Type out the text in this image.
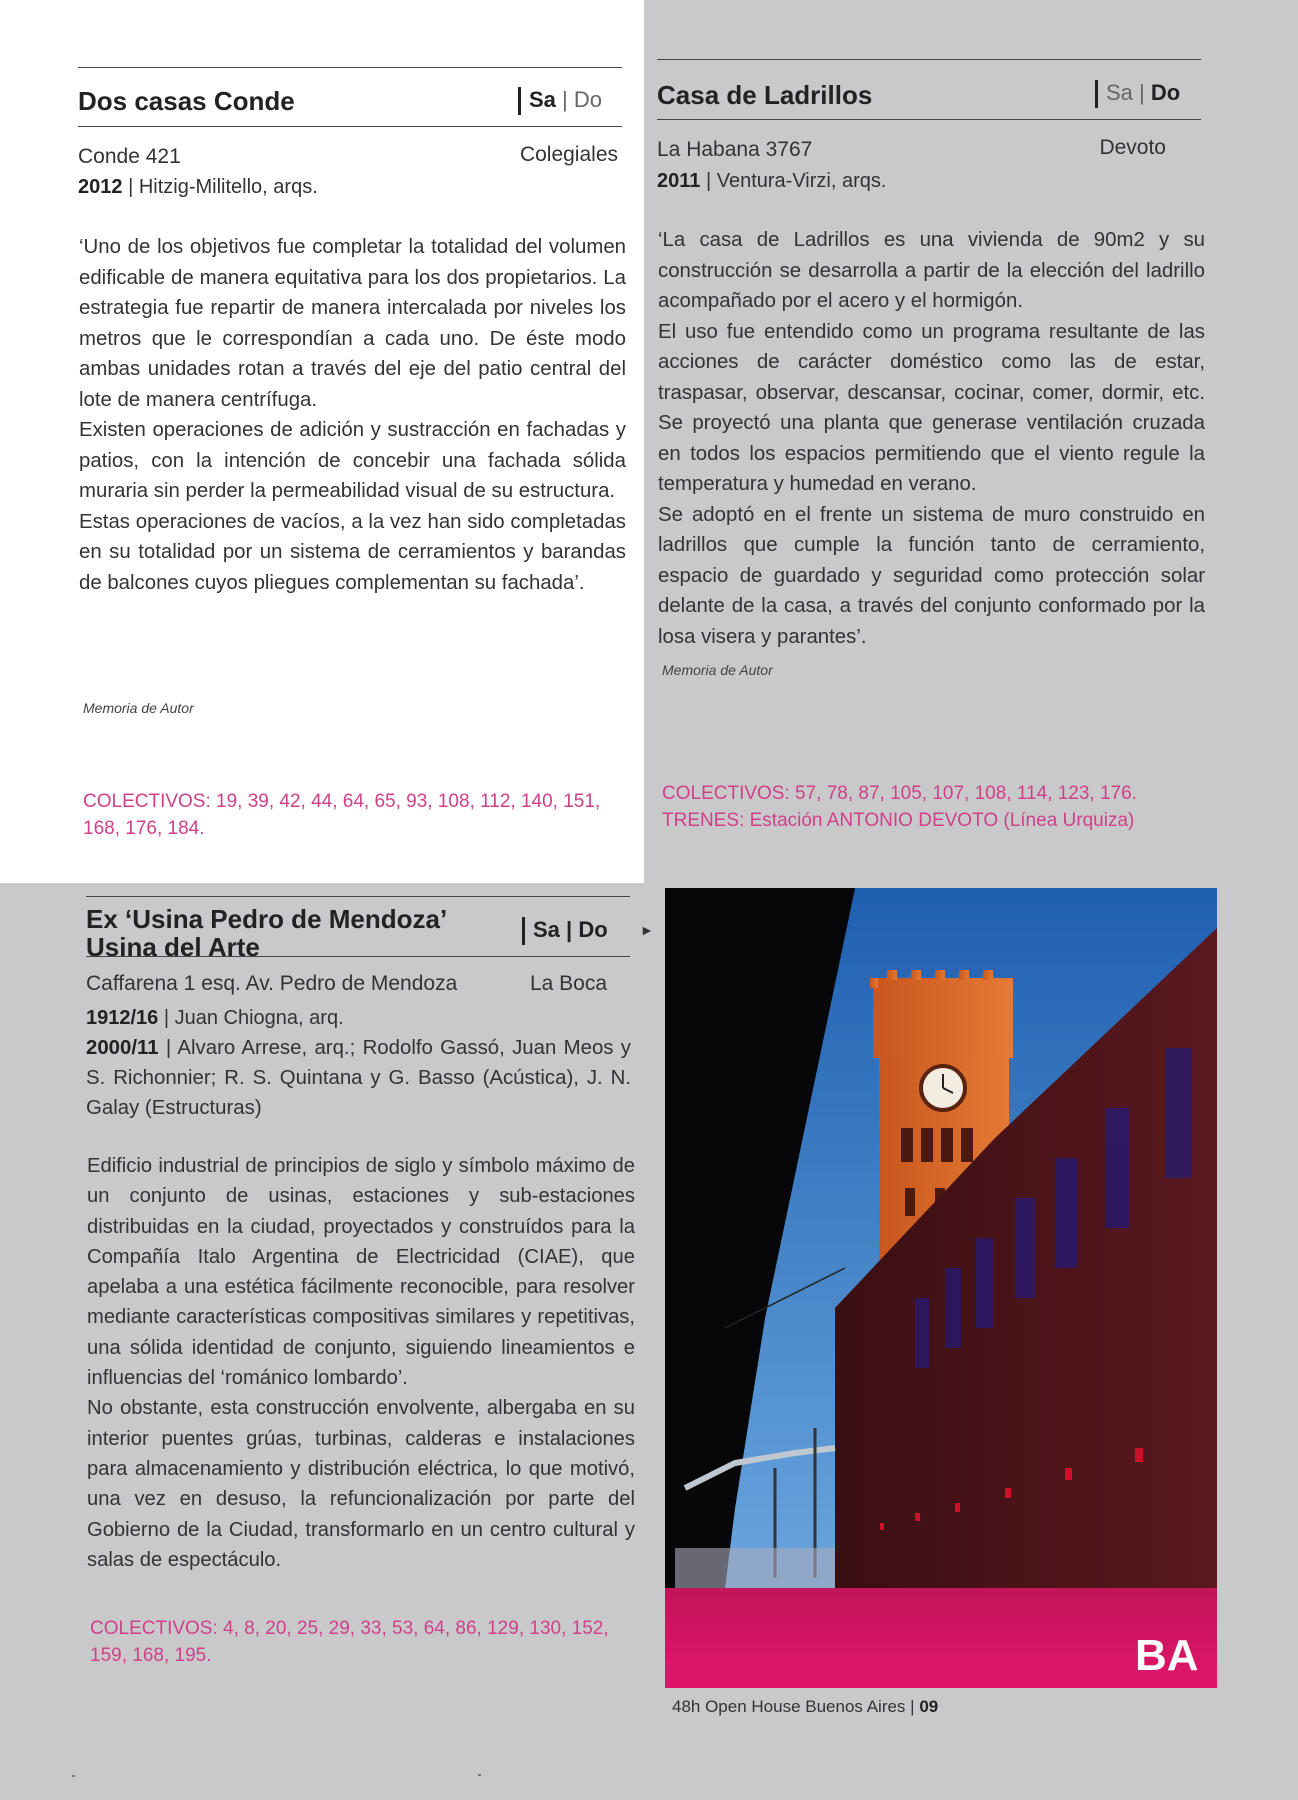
Dos casas Conde	Sa | Do
Conde 421	Colegiales
2012 | Hitzig-Militello, arqs.

‘Uno de los objetivos fue completar la totalidad del volumen edificable de manera equitativa para los dos propietarios. La estrategia fue repartir de manera intercalada por niveles los metros que le correspondían a cada uno. De éste modo ambas unidades rotan a través del eje del patio central del lote de manera centrífuga.

Existen operaciones de adición y sustracción en fachadas y patios, con la intención de concebir una fachada sólida muraria sin perder la permeabilidad visual de su estructura.

Estas operaciones de vacíos, a la vez han sido completadas en su totalidad por un sistema de cerramientos y barandas de balcones cuyos pliegues complementan su fachada’.

Memoria de Autor
COLECTIVOS: 19, 39, 42, 44, 64, 65, 93, 108, 112, 140, 151, 168, 176, 184.
Casa de Ladrillos	Sa | Do
La Habana 3767	Devoto
2011 | Ventura-Virzi, arqs.

‘La casa de Ladrillos es una vivienda de 90m2 y su construcción se desarrolla a partir de la elección del ladrillo acompañado por el acero y el hormigón.

El uso fue entendido como un programa resultante de las acciones de carácter doméstico como las de estar, traspasar, observar, descansar, cocinar, comer, dormir, etc. Se proyectó una planta que generase ventilación cruzada en todos los espacios permitiendo que el viento regule la temperatura y humedad en verano.

Se adoptó en el frente un sistema de muro construido en ladrillos que cumple la función tanto de cerramiento, espacio de guardado y seguridad como protección solar delante de la casa, a través del conjunto conformado por la losa visera y parantes’.

Memoria de Autor
COLECTIVOS: 57, 78, 87, 105, 107, 108, 114, 123, 176.
TRENES: Estación ANTONIO DEVOTO (Línea Urquiza)
Ex ‘Usina Pedro de Mendoza’
Usina del Arte
Sa | Do ►
Caffarena 1 esq. Av. Pedro de Mendoza	La Boca
1912/16 | Juan Chiogna, arq.
2000/11 | Alvaro Arrese, arq.; Rodolfo Gassó, Juan Meos y S. Richonnier; R. S. Quintana y G. Basso (Acústica), J. N. Galay (Estructuras)

Edificio industrial de principios de siglo y símbolo máximo de un conjunto de usinas, estaciones y sub-estaciones distribuidas en la ciudad, proyectados y construídos para la Compañía Italo Argentina de Electricidad (CIAE), que apelaba a una estética fácilmente reconocible, para resolver mediante características compositivas similares y repetitivas, una sólida identidad de conjunto, siguiendo lineamientos e influencias del ‘románico lombardo’.

No obstante, esta construcción envolvente, albergaba en su interior puentes grúas, turbinas, calderas e instalaciones para almacenamiento y distribución eléctrica, lo que motivó, una vez en desuso, la refuncionalización por parte del Gobierno de la Ciudad, transformarlo en un centro cultural y salas de espectáculo.

COLECTIVOS: 4, 8, 20, 25, 29, 33, 53, 64, 86, 129, 130, 152, 159, 168, 195.	BA
48h Open House Buenos Aires | 09
